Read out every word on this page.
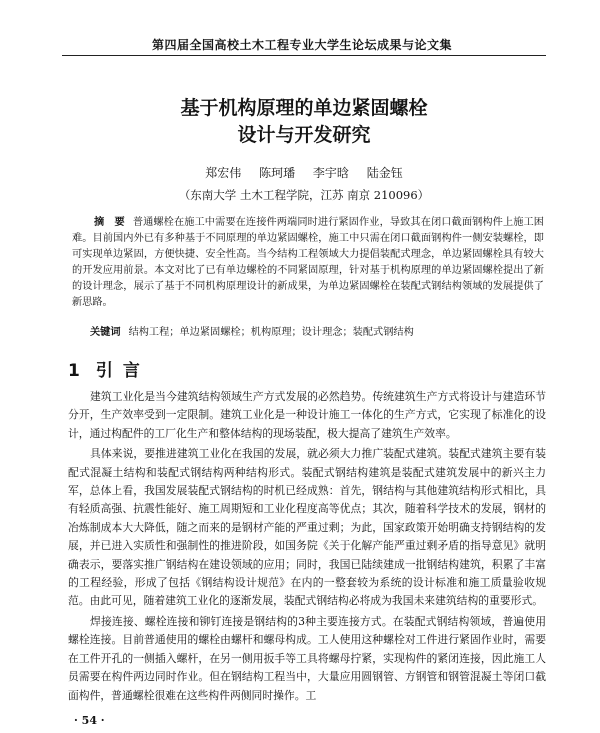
第四届全国高校土木工程专业大学生论坛成果与论文集
基于机构原理的单边紧固螺栓
设计与开发研究
郑宏伟 陈珂璠 李宇晗 陆金钰
（东南大学 土木工程学院，江苏 南京 210096）
摘　要 普通螺栓在施工中需要在连接件两端同时进行紧固作业，导致其在闭口截面钢构件上施工困难。目前国内外已有多种基于不同原理的单边紧固螺栓，施工中只需在闭口截面钢构件一侧安装螺栓，即可实现单边紧固，方便快捷、安全性高。当今结构工程领域大力提倡装配式理念，单边紧固螺栓具有较大的开发应用前景。本文对比了已有单边螺栓的不同紧固原理，针对基于机构原理的单边紧固螺栓提出了新的设计理念，展示了基于不同机构原理设计的新成果，为单边紧固螺栓在装配式钢结构领域的发展提供了新思路。
关键词 结构工程；单边紧固螺栓；机构原理；设计理念；装配式钢结构
1 引言

建筑工业化是当今建筑结构领域生产方式发展的必然趋势。传统建筑生产方式将设计与建造环节分开，生产效率受到一定限制。建筑工业化是一种设计施工一体化的生产方式，它实现了标准化的设计，通过构配件的工厂化生产和整体结构的现场装配，极大提高了建筑生产效率。

具体来说，要推进建筑工业化在我国的发展，就必须大力推广装配式建筑。装配式建筑主要有装配式混凝土结构和装配式钢结构两种结构形式。装配式钢结构建筑是装配式建筑发展中的新兴主力军，总体上看，我国发展装配式钢结构的时机已经成熟：首先，钢结构与其他建筑结构形式相比，具有轻质高强、抗震性能好、施工周期短和工业化程度高等优点；其次，随着科学技术的发展，钢材的冶炼制成本大大降低，随之而来的是钢材产能的严重过剩；为此，国家政策开始明确支持钢结构的发展，并已进入实质性和强制性的推进阶段，如国务院《关于化解产能严重过剩矛盾的指导意见》就明确表示，要落实推广钢结构在建设领域的应用；同时，我国已陆续建成一批钢结构建筑，积累了丰富的工程经验，形成了包括《钢结构设计规范》在内的一整套较为系统的设计标准和施工质量验收规范。由此可见，随着建筑工业化的逐渐发展，装配式钢结构必将成为我国未来建筑结构的重要形式。

焊接连接、螺栓连接和铆钉连接是钢结构的3种主要连接方式。在装配式钢结构领域，普遍使用螺栓连接。目前普通使用的螺栓由螺杆和螺母构成。工人使用这种螺栓对工件进行紧固作业时，需要在工件开孔的一侧插入螺杆，在另一侧用扳手等工具将螺母拧紧，实现构件的紧闭连接，因此施工人员需要在构件两边同时作业。但在钢结构工程当中，大量应用圆钢管、方钢管和钢管混凝土等闭口截面构件，普通螺栓很难在这些构件两侧同时操作。工

· 54 ·
